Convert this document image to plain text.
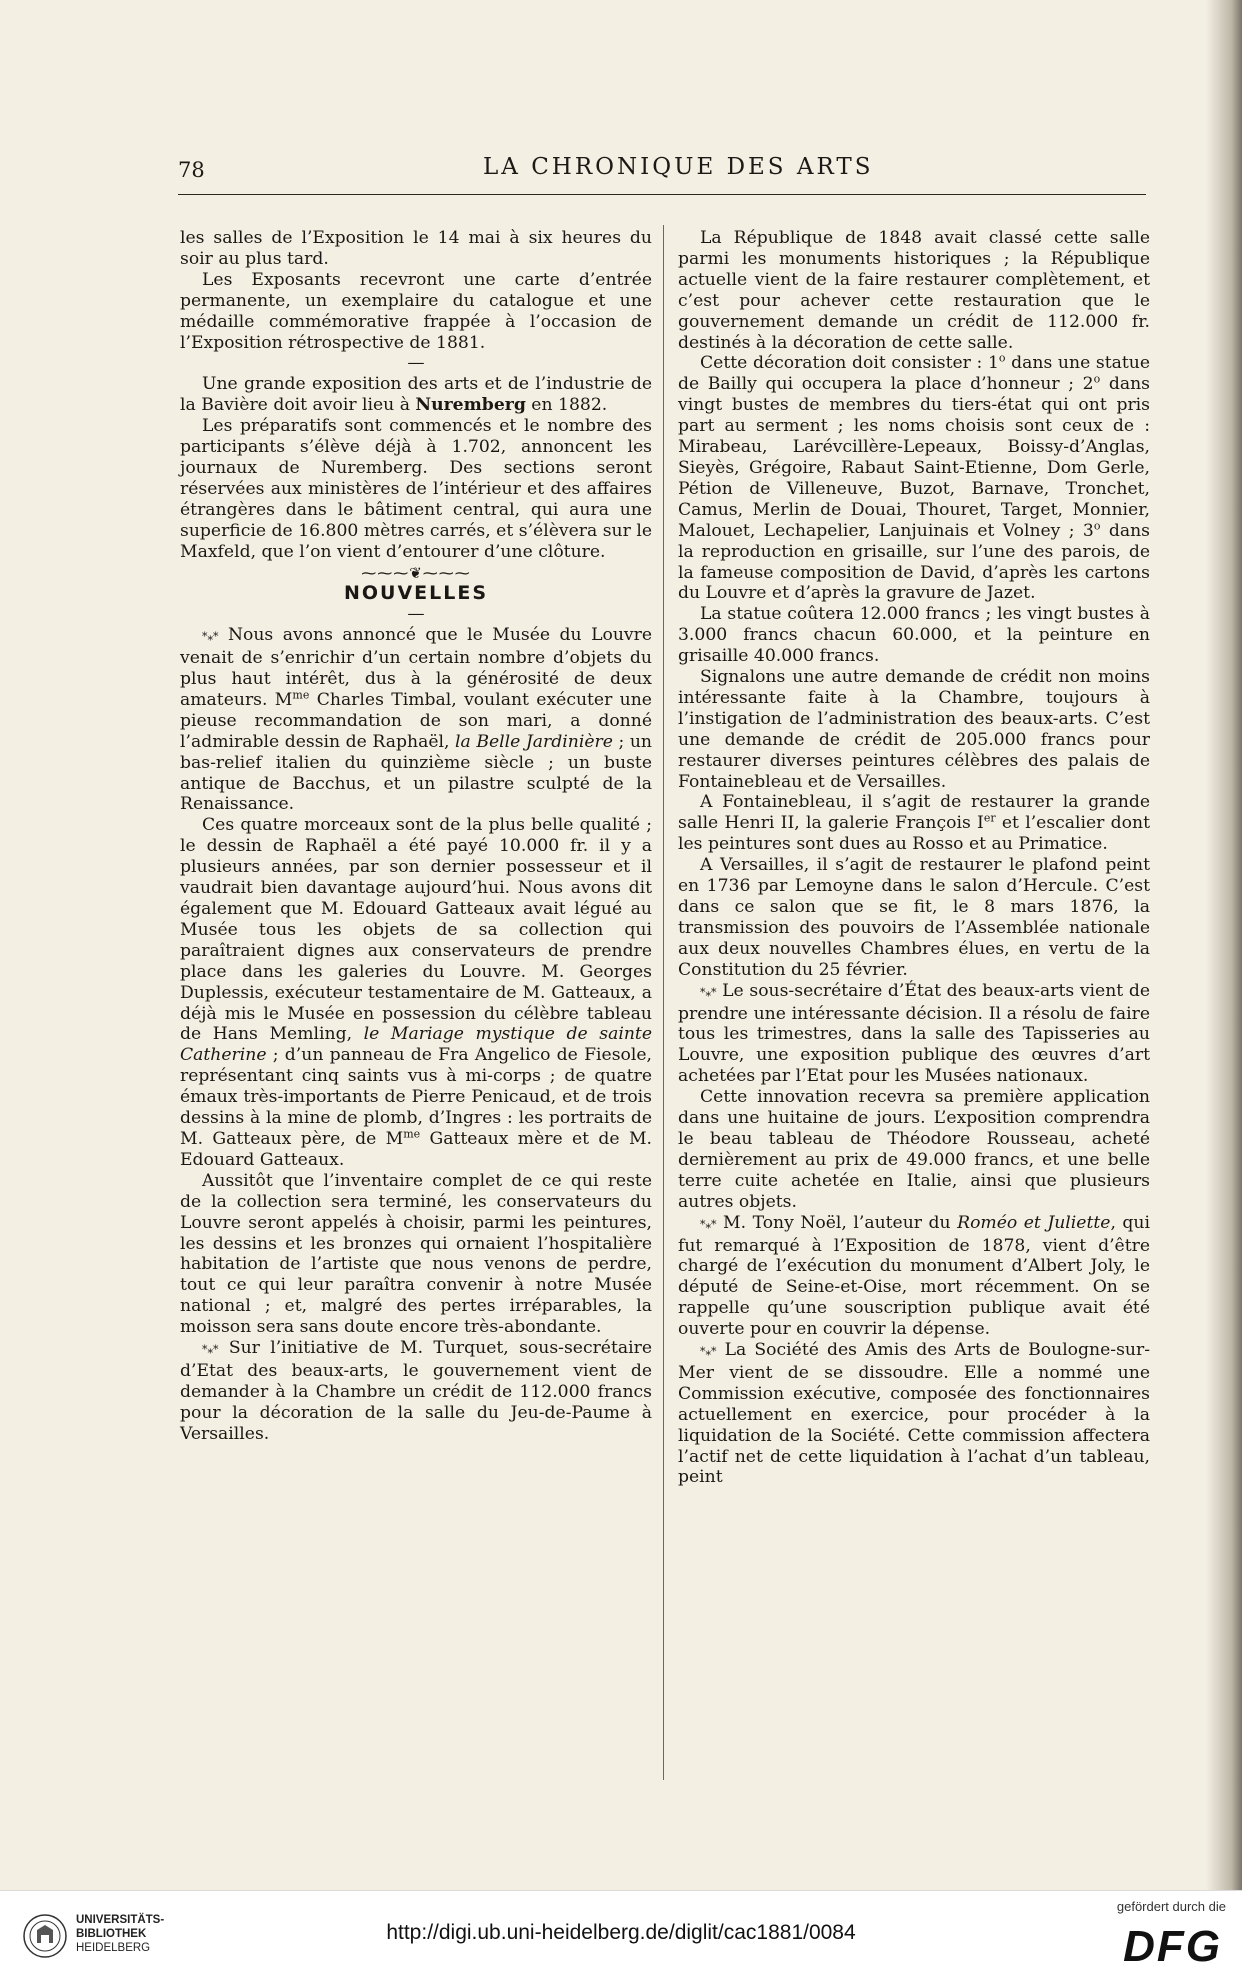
78	LA CHRONIQUE DES ARTS

les salles de l’Exposition le 14 mai à six heures du soir au plus tard.

Les Exposants recevront une carte d’entrée permanente, un exemplaire du catalogue et une médaille commémorative frappée à l’occasion de l’Exposition rétrospective de 1881.

—

Une grande exposition des arts et de l’industrie de la Bavière doit avoir lieu à Nuremberg en 1882.

Les préparatifs sont commencés et le nombre des participants s’élève déjà à 1.702, annoncent les journaux de Nuremberg. Des sections seront réservées aux ministères de l’intérieur et des affaires étrangères dans le bâtiment central, qui aura une superficie de 16.800 mètres carrés, et s’élèvera sur le Maxfeld, que l’on vient d’entourer d’une clôture.

⁓⁓⁓❦⁓⁓⁓

NOUVELLES

—

*⁎* Nous avons annoncé que le Musée du Louvre venait de s’enrichir d’un certain nombre d’objets du plus haut intérêt, dus à la générosité de deux amateurs. $M^{me}$ Charles Timbal, voulant exécuter une pieuse recommandation de son mari, a donné l’admirable dessin de Raphaël, la Belle Jardinière ; un bas-relief italien du quinzième siècle ; un buste antique de Bacchus, et un pilastre sculpté de la Renaissance.

Ces quatre morceaux sont de la plus belle qualité ; le dessin de Raphaël a été payé 10.000 fr. il y a plusieurs années, par son dernier possesseur et il vaudrait bien davantage aujourd’hui. Nous avons dit également que M. Edouard Gatteaux avait légué au Musée tous les objets de sa collection qui paraîtraient dignes aux conservateurs de prendre place dans les galeries du Louvre. M. Georges Duplessis, exécuteur testamentaire de M. Gatteaux, a déjà mis le Musée en possession du célèbre tableau de Hans Memling, le Mariage mystique de sainte Catherine ; d’un panneau de Fra Angelico de Fiesole, représentant cinq saints vus à mi-corps ; de quatre émaux très-importants de Pierre Penicaud, et de trois dessins à la mine de plomb, d’Ingres : les portraits de M. Gatteaux père, de $M^{me}$ Gatteaux mère et de M. Edouard Gatteaux.

Aussitôt que l’inventaire complet de ce qui reste de la collection sera terminé, les conservateurs du Louvre seront appelés à choisir, parmi les peintures, les dessins et les bronzes qui ornaient l’hospitalière habitation de l’artiste que nous venons de perdre, tout ce qui leur paraîtra convenir à notre Musée national ; et, malgré des pertes irréparables, la moisson sera sans doute encore très-abondante.

*⁎* Sur l’initiative de M. Turquet, sous-secrétaire d’Etat des beaux-arts, le gouvernement vient de demander à la Chambre un crédit de 112.000 francs pour la décoration de la salle du Jeu-de-Paume à Versailles.

La République de 1848 avait classé cette salle parmi les monuments historiques ; la République actuelle vient de la faire restaurer complètement, et c’est pour achever cette restauration que le gouvernement demande un crédit de 112.000 fr. destinés à la décoration de cette salle.

Cette décoration doit consister : 1$^o$ dans une statue de Bailly qui occupera la place d’honneur ; 2$^o$ dans vingt bustes de membres du tiers-état qui ont pris part au serment ; les noms choisis sont ceux de : Mirabeau, Larévcillère-Lepeaux, Boissy-d’Anglas, Sieyès, Grégoire, Rabaut Saint-Etienne, Dom Gerle, Pétion de Villeneuve, Buzot, Barnave, Tronchet, Camus, Merlin de Douai, Thouret, Target, Monnier, Malouet, Lechapelier, Lanjuinais et Volney ; 3$^o$ dans la reproduction en grisaille, sur l’une des parois, de la fameuse composition de David, d’après les cartons du Louvre et d’après la gravure de Jazet.

La statue coûtera 12.000 francs ; les vingt bustes à 3.000 francs chacun 60.000, et la peinture en grisaille 40.000 francs.

Signalons une autre demande de crédit non moins intéressante faite à la Chambre, toujours à l’instigation de l’administration des beaux-arts. C’est une demande de crédit de 205.000 francs pour restaurer diverses peintures célèbres des palais de Fontainebleau et de Versailles.

A Fontainebleau, il s’agit de restaurer la grande salle Henri II, la galerie François Ier et l’escalier dont les peintures sont dues au Rosso et au Primatice.

A Versailles, il s’agit de restaurer le plafond peint en 1736 par Lemoyne dans le salon d’Hercule. C’est dans ce salon que se fit, le 8 mars 1876, la transmission des pouvoirs de l’Assemblée nationale aux deux nouvelles Chambres élues, en vertu de la Constitution du 25 février.

*⁎* Le sous-secrétaire d’État des beaux-arts vient de prendre une intéressante décision. Il a résolu de faire tous les trimestres, dans la salle des Tapisseries au Louvre, une exposition publique des œuvres d’art achetées par l’Etat pour les Musées nationaux.

Cette innovation recevra sa première application dans une huitaine de jours. L’exposition comprendra le beau tableau de Théodore Rousseau, acheté dernièrement au prix de 49.000 francs, et une belle terre cuite achetée en Italie, ainsi que plusieurs autres objets.

*⁎* M. Tony Noël, l’auteur du Roméo et Juliette, qui fut remarqué à l’Exposition de 1878, vient d’être chargé de l’exécution du monument d’Albert Joly, le député de Seine-et-Oise, mort récemment. On se rappelle qu’une souscription publique avait été ouverte pour en couvrir la dépense.

*⁎* La Société des Amis des Arts de Boulogne-sur-Mer vient de se dissoudre. Elle a nommé une Commission exécutive, composée des fonctionnaires actuellement en exercice, pour procéder à la liquidation de la Société. Cette commission affectera l’actif net de cette liquidation à l’achat d’un tableau, peint

UNIVERSITÄTS-
BIBLIOTHEK
HEIDELBERG
http://digi.ub.uni-heidelberg.de/diglit/cac1881/0084
gefördert durch die
DFG
